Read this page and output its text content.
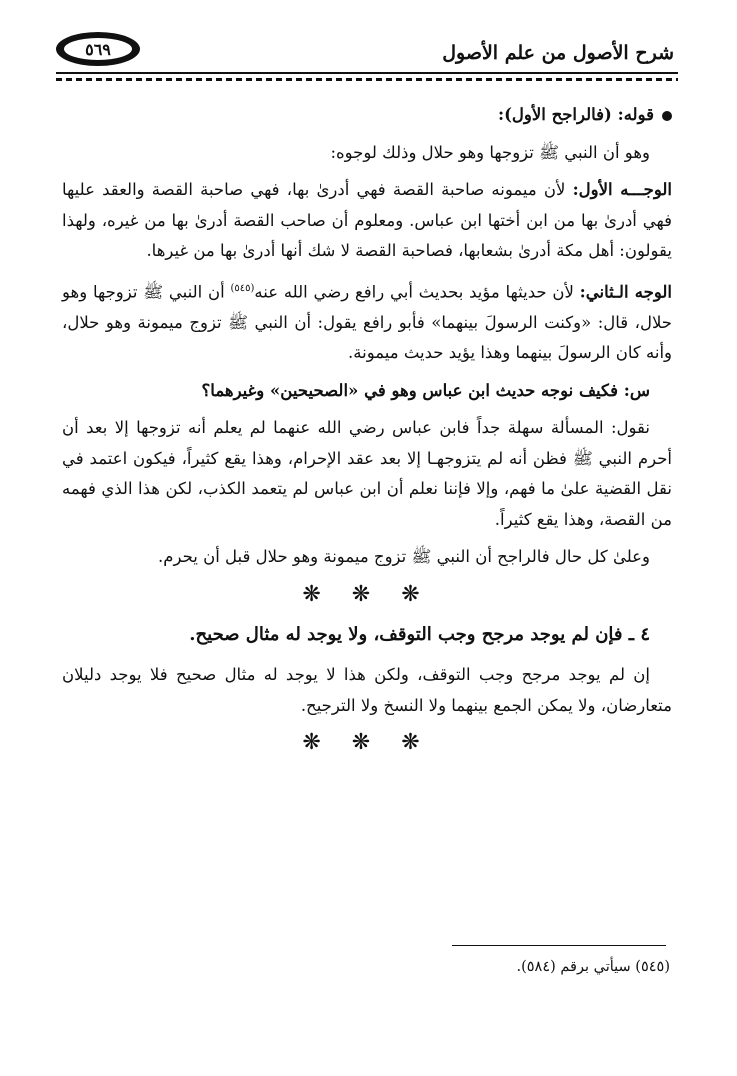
شرح الأصول من علم الأصول
٥٦٩

قوله: (فالراجح الأول):

وهو أن النبي ﷺ تزوجها وهو حلال وذلك لوجوه:

الوجـــه الأول: لأن ميمونه صاحبة القصة فهي أدرىٰ بها، فهي صاحبة القصة والعقد عليها فهي أدرىٰ بها من ابن أختها ابن عباس. ومعلوم أن صاحب القصة أدرىٰ بها من غيره، ولهذا يقولون: أهل مكة أدرىٰ بشعابها، فصاحبة القصة لا شك أنها أدرىٰ بها من غيرها.

الوجه الـثاني: لأن حديثها مؤيد بحديث أبي رافع رضي الله عنه$^{(٥٤٥)}$ أن النبي ﷺ تزوجها وهو حلال، قال: «وكنت الرسولَ بينهما» فأبو رافع يقول: أن النبي ﷺ تزوج ميمونة وهو حلال، وأنه كان الرسولَ بينهما وهذا يؤيد حديث ميمونة.

س: فكيف نوجه حديث ابن عباس وهو في «الصحيحين» وغيرهما؟

نقول: المسألة سهلة جداً فابن عباس رضي الله عنهما لم يعلم أنه تزوجها إلا بعد أن أحرم النبي ﷺ فظن أنه لم يتزوجهـا إلا بعد عقد الإحرام، وهذا يقع كثيراً، فيكون اعتمد في نقل القضية علىٰ ما فهم، وإلا فإننا نعلم أن ابن عباس لم يتعمد الكذب، لكن هذا الذي فهمه من القصة، وهذا يقع كثيراً.

وعلىٰ كل حال فالراجح أن النبي ﷺ تزوج ميمونة وهو حلال قبل أن يحرم.

❋ ❋ ❋

٤ ـ فإن لم يوجد مرجح وجب التوقف، ولا يوجد له مثال صحيح.

إن لم يوجد مرجح وجب التوقف، ولكن هذا لا يوجد له مثال صحيح فلا يوجد دليلان متعارضان، ولا يمكن الجمع بينهما ولا النسخ ولا الترجيح.

❋ ❋ ❋
(٥٤٥) سيأتي برقم (٥٨٤).
